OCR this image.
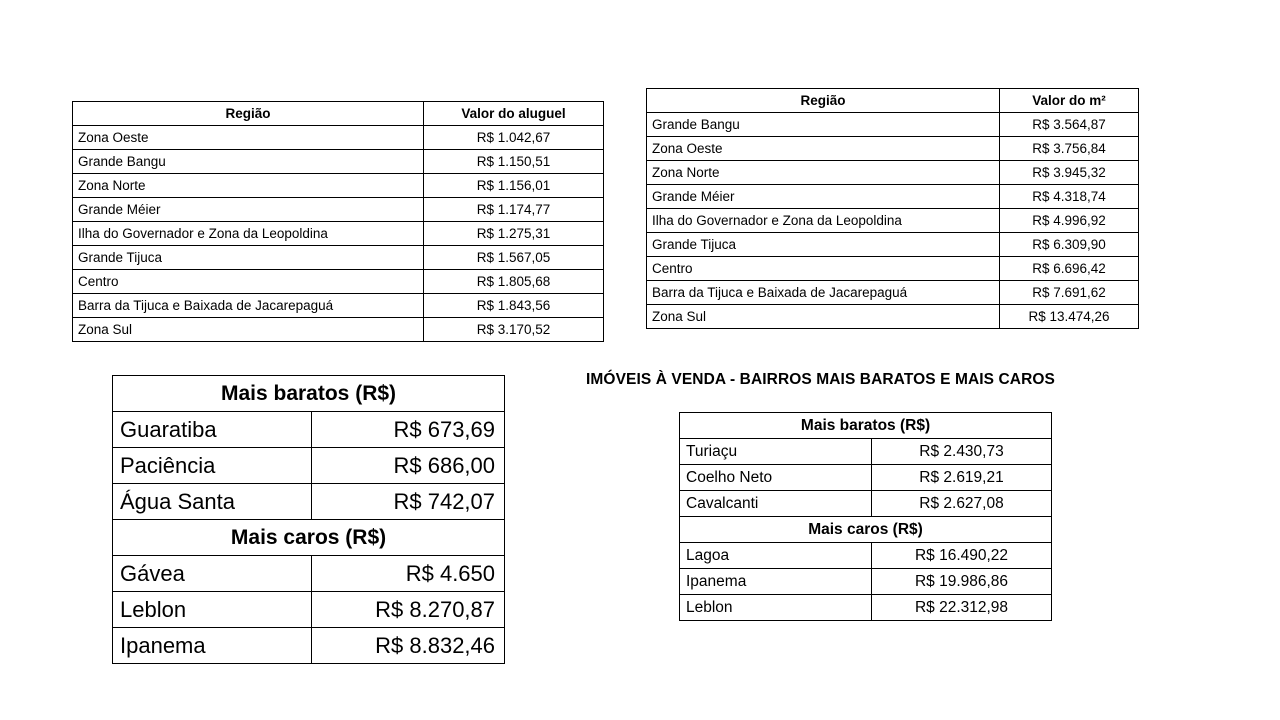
Região	Valor do aluguel
Zona Oeste	R$ 1.042,67
Grande Bangu	R$ 1.150,51
Zona Norte	R$ 1.156,01
Grande Méier	R$ 1.174,77
Ilha do Governador e Zona da Leopoldina	R$ 1.275,31
Grande Tijuca	R$ 1.567,05
Centro	R$ 1.805,68
Barra da Tijuca e Baixada de Jacarepaguá	R$ 1.843,56
Zona Sul	R$ 3.170,52
Região	Valor do m²
Grande Bangu	R$ 3.564,87
Zona Oeste	R$ 3.756,84
Zona Norte	R$ 3.945,32
Grande Méier	R$ 4.318,74
Ilha do Governador e Zona da Leopoldina	R$ 4.996,92
Grande Tijuca	R$ 6.309,90
Centro	R$ 6.696,42
Barra da Tijuca e Baixada de Jacarepaguá	R$ 7.691,62
Zona Sul	R$ 13.474,26
Mais baratos (R$)	
Guaratiba	R$ 673,69
Paciência	R$ 686,00
Água Santa	R$ 742,07
Mais caros (R$)	
Gávea	R$ 4.650
Leblon	R$ 8.270,87
Ipanema	R$ 8.832,46
IMÓVEIS À VENDA - BAIRROS MAIS BARATOS E MAIS CAROS
Mais baratos (R$)	
Turiaçu	R$ 2.430,73
Coelho Neto	R$ 2.619,21
Cavalcanti	R$ 2.627,08
Mais caros (R$)	
Lagoa	R$ 16.490,22
Ipanema	R$ 19.986,86
Leblon	R$ 22.312,98
